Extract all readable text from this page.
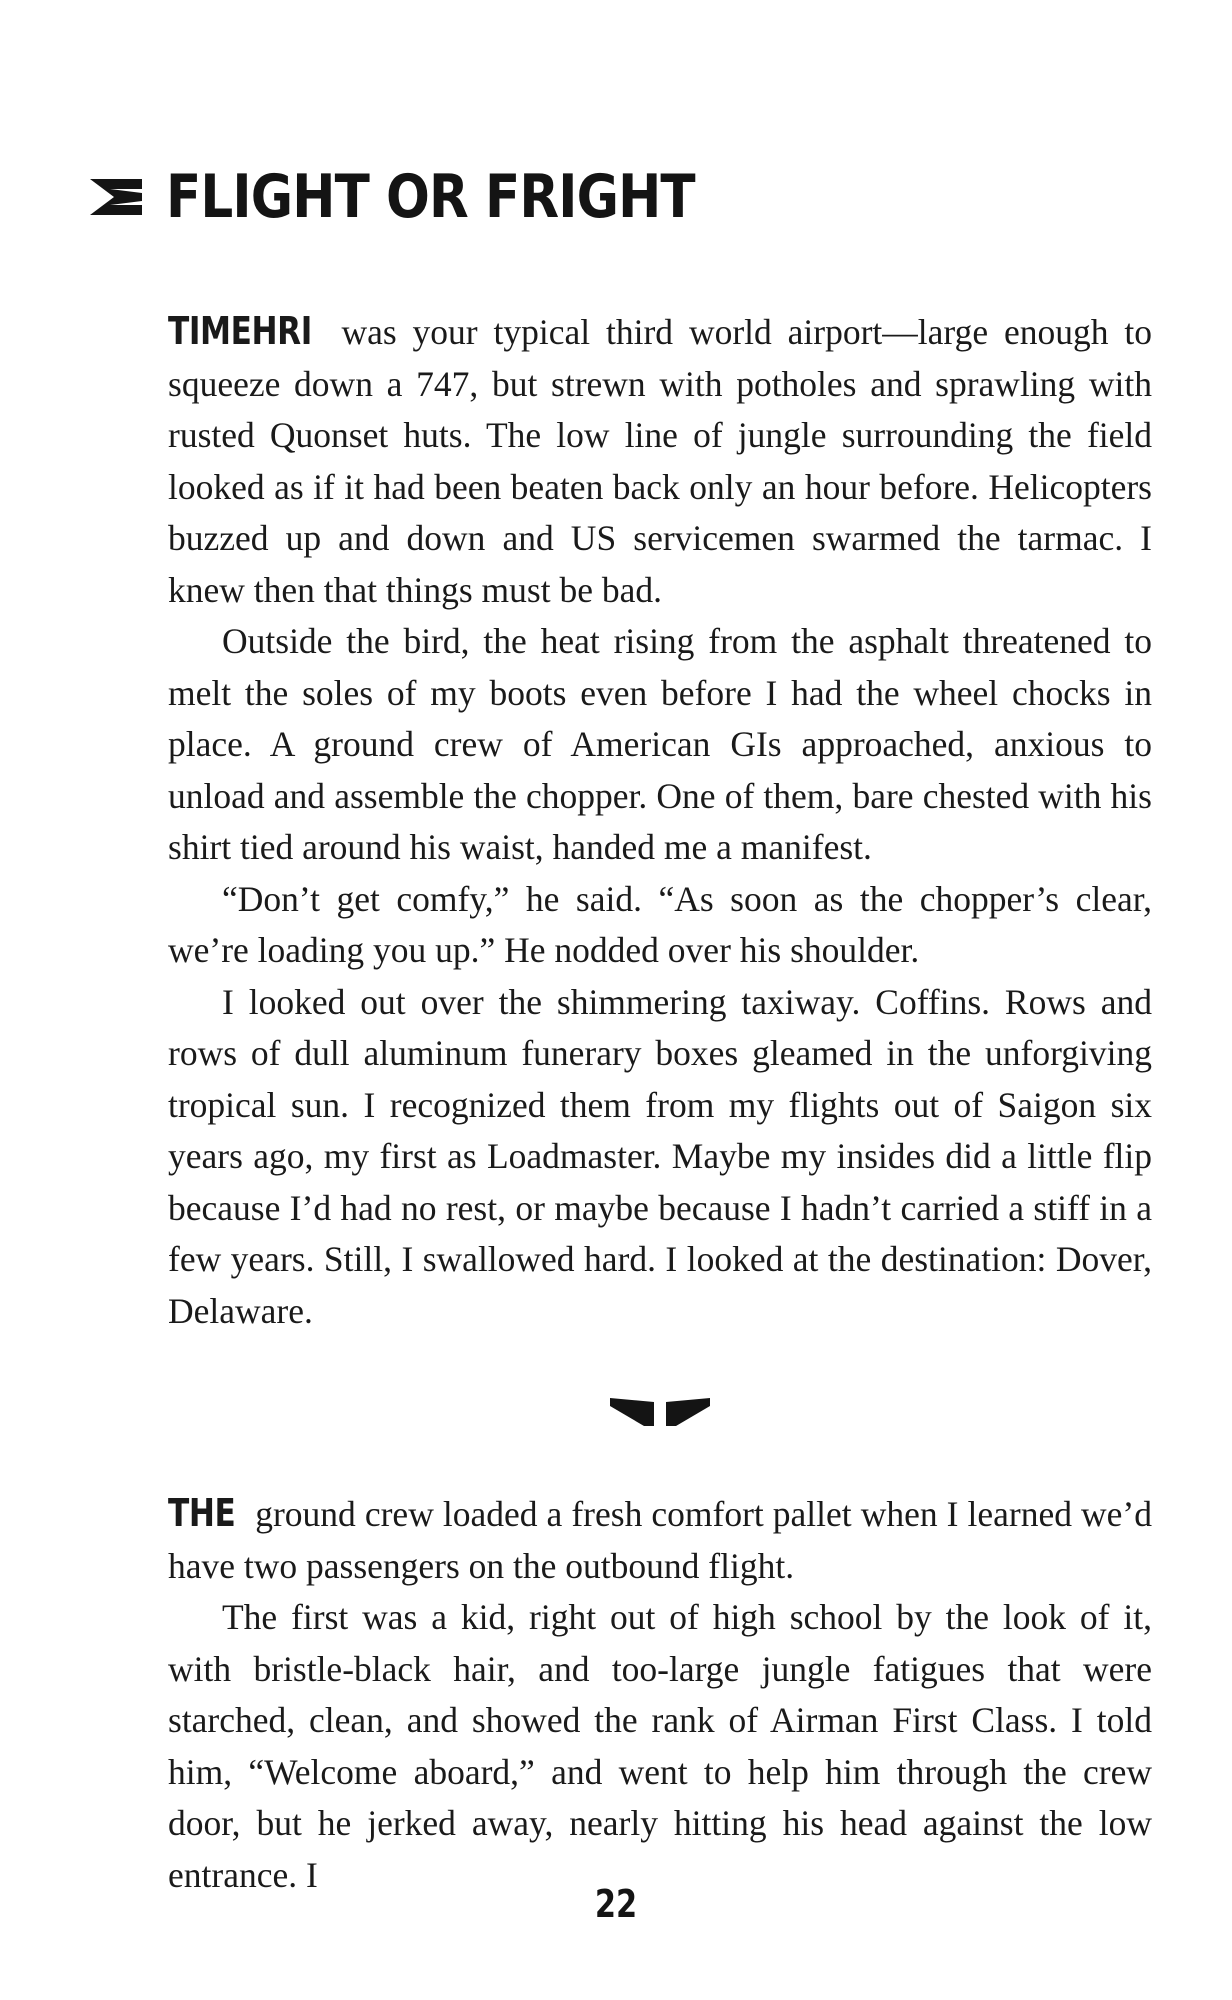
FLIGHT OR FRIGHT

TIMEHRI was your typical third world airport—large enough to squeeze down a 747, but strewn with potholes and sprawling with rusted Quonset huts. The low line of jungle surrounding the field looked as if it had been beaten back only an hour before. Helicopters buzzed up and down and US servicemen swarmed the tarmac. I knew then that things must be bad.

Outside the bird, the heat rising from the asphalt threatened to melt the soles of my boots even before I had the wheel chocks in place. A ground crew of American GIs approached, anxious to unload and assemble the chopper. One of them, bare chested with his shirt tied around his waist, handed me a manifest.

“Don’t get comfy,” he said. “As soon as the chopper’s clear, we’re loading you up.” He nodded over his shoulder.

I looked out over the shimmering taxiway. Coffins. Rows and rows of dull aluminum funerary boxes gleamed in the unforgiving tropical sun. I recognized them from my flights out of Saigon six years ago, my first as Loadmaster. Maybe my insides did a little flip because I’d had no rest, or maybe because I hadn’t carried a stiff in a few years. Still, I swallowed hard. I looked at the destination: Dover, Delaware.

THE ground crew loaded a fresh comfort pallet when I learned we’d have two passengers on the outbound flight.

The first was a kid, right out of high school by the look of it, with bristle-black hair, and too-large jungle fatigues that were starched, clean, and showed the rank of Airman First Class. I told him, “Welcome aboard,” and went to help him through the crew door, but he jerked away, nearly hitting his head against the low entrance. I

22
